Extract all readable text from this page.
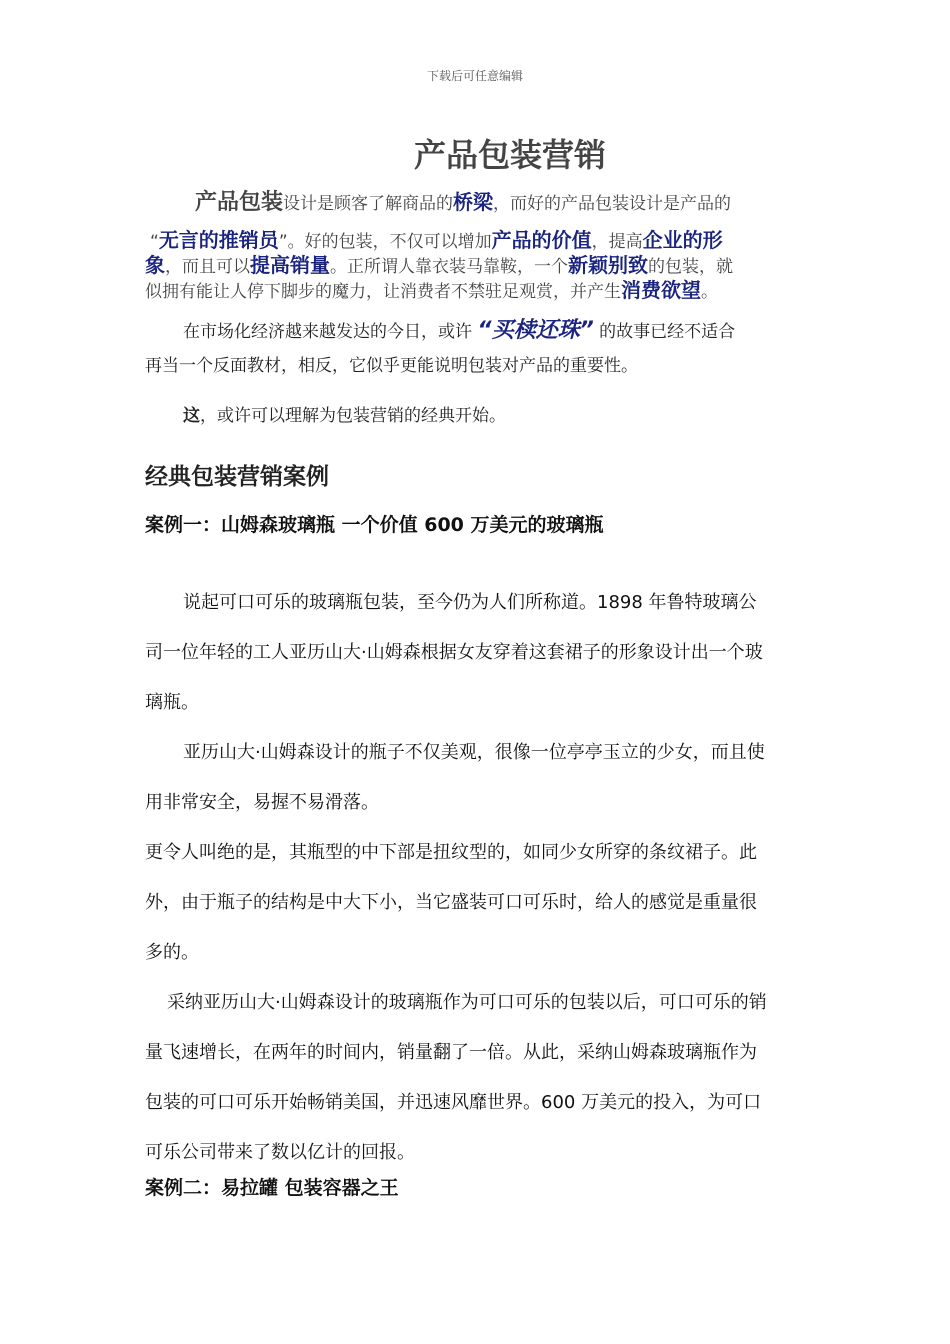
下载后可任意编辑
产品包装营销
产品包装设计是顾客了解商品的桥梁，而好的产品包装设计是产品的
“无言的推销员”。好的包装，不仅可以增加产品的价值，提高企业的形
象，而且可以提高销量。正所谓人靠衣装马靠鞍，一个新颖别致的包装，就
似拥有能让人停下脚步的魔力，让消费者不禁驻足观赏，并产生消费欲望。
在市场化经济越来越发达的今日，或许 “买椟还珠” 的故事已经不适合
再当一个反面教材，相反，它似乎更能说明包装对产品的重要性。
这，或许可以理解为包装营销的经典开始。
经典包装营销案例
案例一：山姆森玻璃瓶 一个价值 600 万美元的玻璃瓶
说起可口可乐的玻璃瓶包装，至今仍为人们所称道。1898 年鲁特玻璃公
司一位年轻的工人亚历山大·山姆森根据女友穿着这套裙子的形象设计出一个玻
璃瓶。
亚历山大·山姆森设计的瓶子不仅美观，很像一位亭亭玉立的少女，而且使
用非常安全，易握不易滑落。
更令人叫绝的是，其瓶型的中下部是扭纹型的，如同少女所穿的条纹裙子。此
外，由于瓶子的结构是中大下小，当它盛装可口可乐时，给人的感觉是重量很
多的。
采纳亚历山大·山姆森设计的玻璃瓶作为可口可乐的包装以后，可口可乐的销
量飞速增长，在两年的时间内，销量翻了一倍。从此，采纳山姆森玻璃瓶作为
包装的可口可乐开始畅销美国，并迅速风靡世界。600 万美元的投入，为可口
可乐公司带来了数以亿计的回报。
案例二：易拉罐 包装容器之王
